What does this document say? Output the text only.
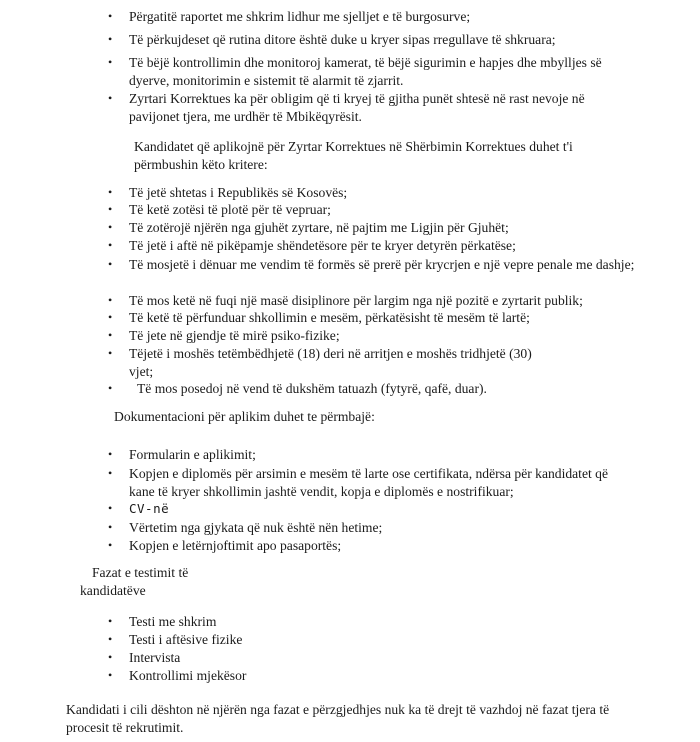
•	Përgatitë raportet me shkrim lidhur me sjelljet e të burgosurve;
•	Të përkujdeset që rutina ditore është duke u kryer sipas rregullave të shkruara;
•	Të bëjë kontrollimin dhe monitoroj kamerat, të bëjë sigurimin e hapjes dhe mbylljes së dyerve, monitorimin e sistemit të alarmit të zjarrit.
•	Zyrtari Korrektues ka për obligim që ti kryej të gjitha punët shtesë në rast nevoje në pavijonet tjera, me urdhër të Mbikëqyrësit.
Kandidatet që aplikojnë për Zyrtar Korrektues në Shërbimin Korrektues duhet t'i përmbushin këto kritere:
•	Të jetë shtetas i Republikës së Kosovës;
•	Të ketë zotësi të plotë për të vepruar;
•	Të zotërojë njërën nga gjuhët zyrtare, në pajtim me Ligjin për Gjuhët;
•	Të jetë i aftë në pikëpamje shëndetësore për te kryer detyrën përkatëse;
•	Të mosjetë i dënuar me vendim të formës së prerë për krycrjen e një vepre penale me dashje;
•	Të mos ketë në fuqi një masë disiplinore për largim nga një pozitë e zyrtarit publik;
•	Të ketë të përfunduar shkollimin e mesëm, përkatësisht të mesëm të lartë;
•	Të jete në gjendje të mirë psiko-fizike;
•	Tëjetë i moshës tetëmbëdhjetë (18) deri në arritjen e moshës tridhjetë (30) vjet;
•	Të mos posedoj në vend të dukshëm tatuazh (fytyrë, qafë, duar).
Dokumentacioni për aplikim duhet te përmbajë:
•	Formularin e aplikimit;
•	Kopjen e diplomës për arsimin e mesëm të larte ose certifikata, ndërsa për kandidatet që kane të kryer shkollimin jashtë vendit, kopja e diplomës e nostrifikuar;
•	CV-në
•	Vërtetim nga gjykata që nuk është nën hetime;
•	Kopjen e letërnjoftimit apo pasaportës;
Fazat e testimit të kandidatëve
•	Testi me shkrim
•	Testi i aftësive fizike
•	Intervista
•	Kontrollimi mjekësor
Kandidati i cili dështon në njërën nga fazat e përzgjedhjes nuk ka të drejt të vazhdoj në fazat tjera të procesit të rekrutimit.
